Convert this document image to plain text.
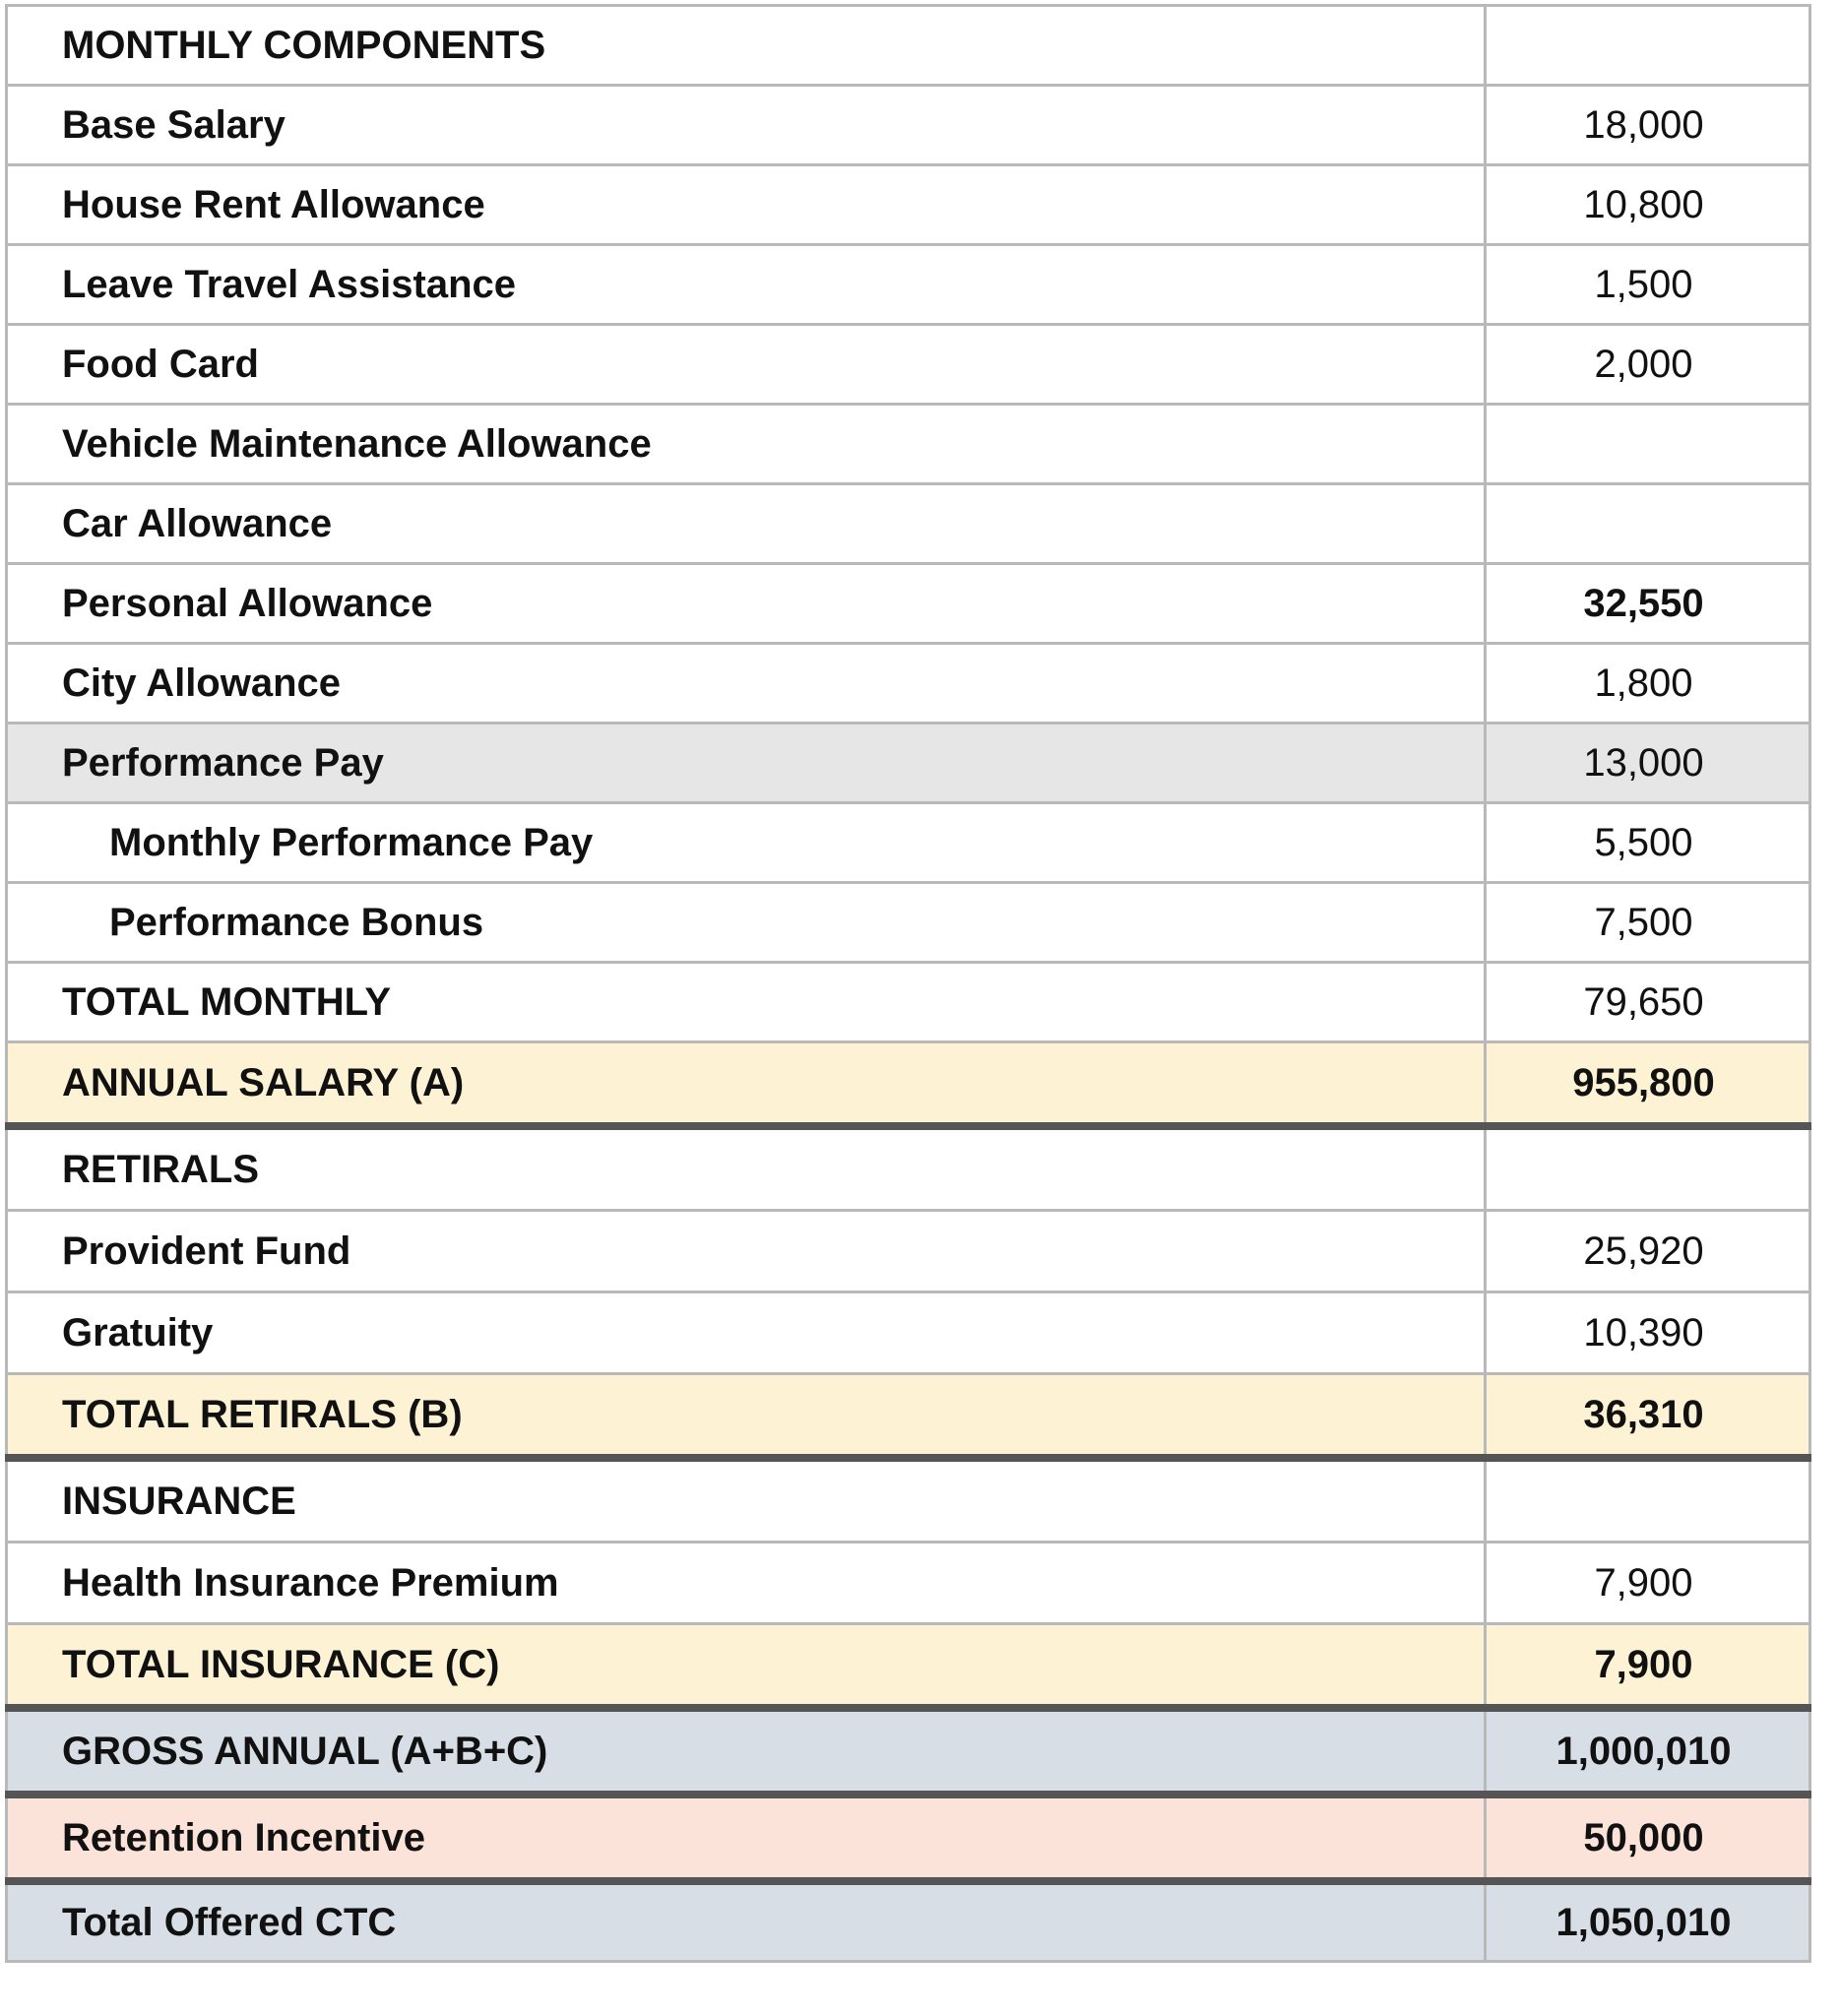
MONTHLY COMPONENTS	
Base Salary	18,000
House Rent Allowance	10,800
Leave Travel Assistance	1,500
Food Card	2,000
Vehicle Maintenance Allowance	
Car Allowance	
Personal Allowance	32,550
City Allowance	1,800
Performance Pay	13,000
Monthly Performance Pay	5,500
Performance Bonus	7,500
TOTAL MONTHLY	79,650
ANNUAL SALARY (A)	955,800
RETIRALS	
Provident Fund	25,920
Gratuity	10,390
TOTAL RETIRALS (B)	36,310
INSURANCE	
Health Insurance Premium	7,900
TOTAL INSURANCE (C)	7,900
GROSS ANNUAL (A+B+C)	1,000,010
Retention Incentive	50,000
Total Offered CTC	1,050,010
